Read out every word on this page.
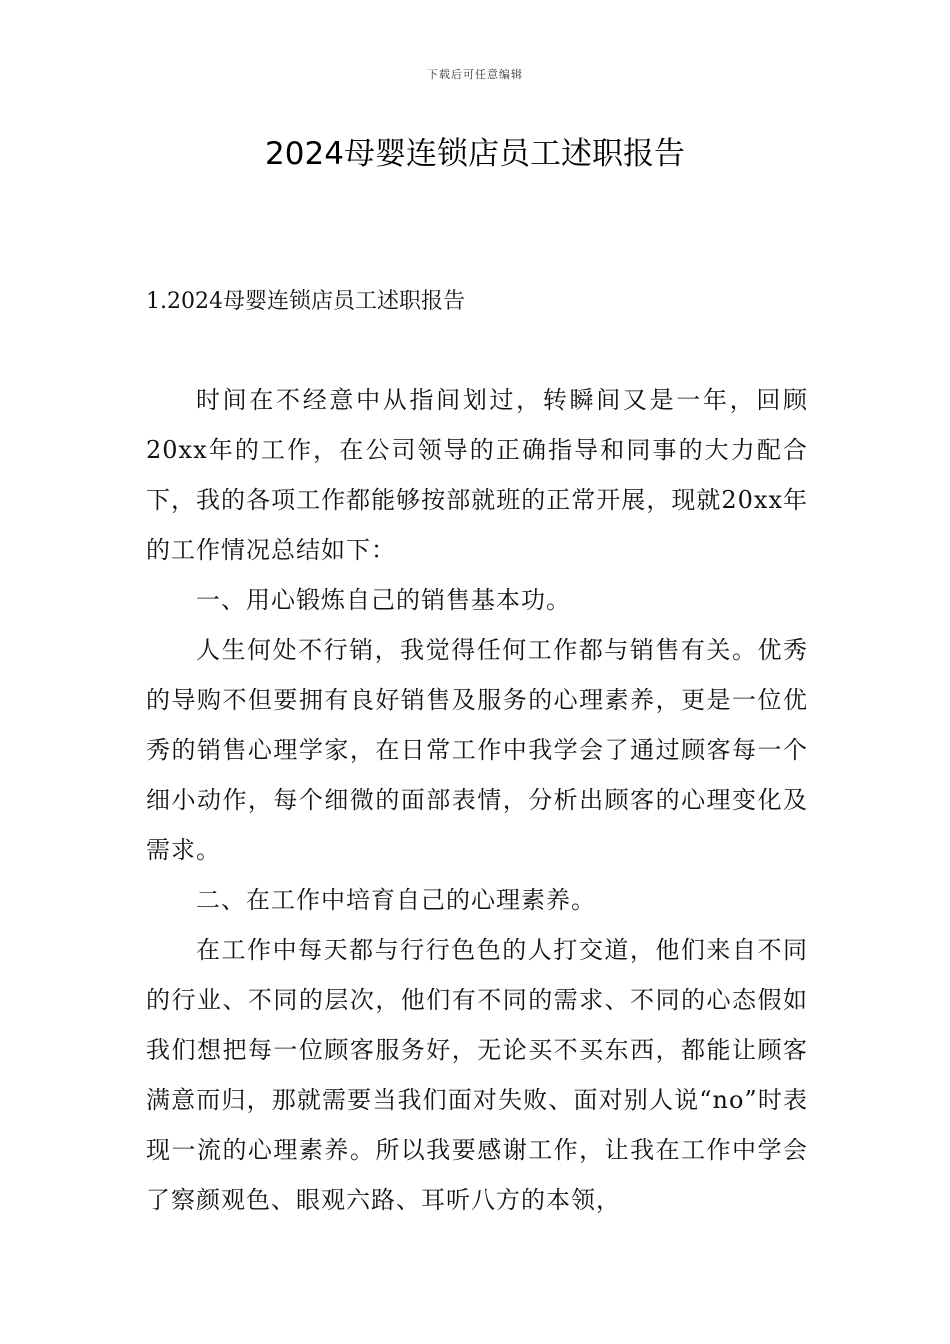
下载后可任意编辑
2024母婴连锁店员工述职报告
1.2024母婴连锁店员工述职报告

时间在不经意中从指间划过，转瞬间又是一年，回顾20xx年的工作，在公司领导的正确指导和同事的大力配合下，我的各项工作都能够按部就班的正常开展，现就20xx年的工作情况总结如下：

一、用心锻炼自己的销售基本功。

人生何处不行销，我觉得任何工作都与销售有关。优秀的导购不但要拥有良好销售及服务的心理素养，更是一位优秀的销售心理学家，在日常工作中我学会了通过顾客每一个细小动作，每个细微的面部表情，分析出顾客的心理变化及需求。

二、在工作中培育自己的心理素养。

在工作中每天都与行行色色的人打交道，他们来自不同的行业、不同的层次，他们有不同的需求、不同的心态假如我们想把每一位顾客服务好，无论买不买东西，都能让顾客满意而归，那就需要当我们面对失败、面对别人说“no”时表现一流的心理素养。所以我要感谢工作，让我在工作中学会了察颜观色、眼观六路、耳听八方的本领，
